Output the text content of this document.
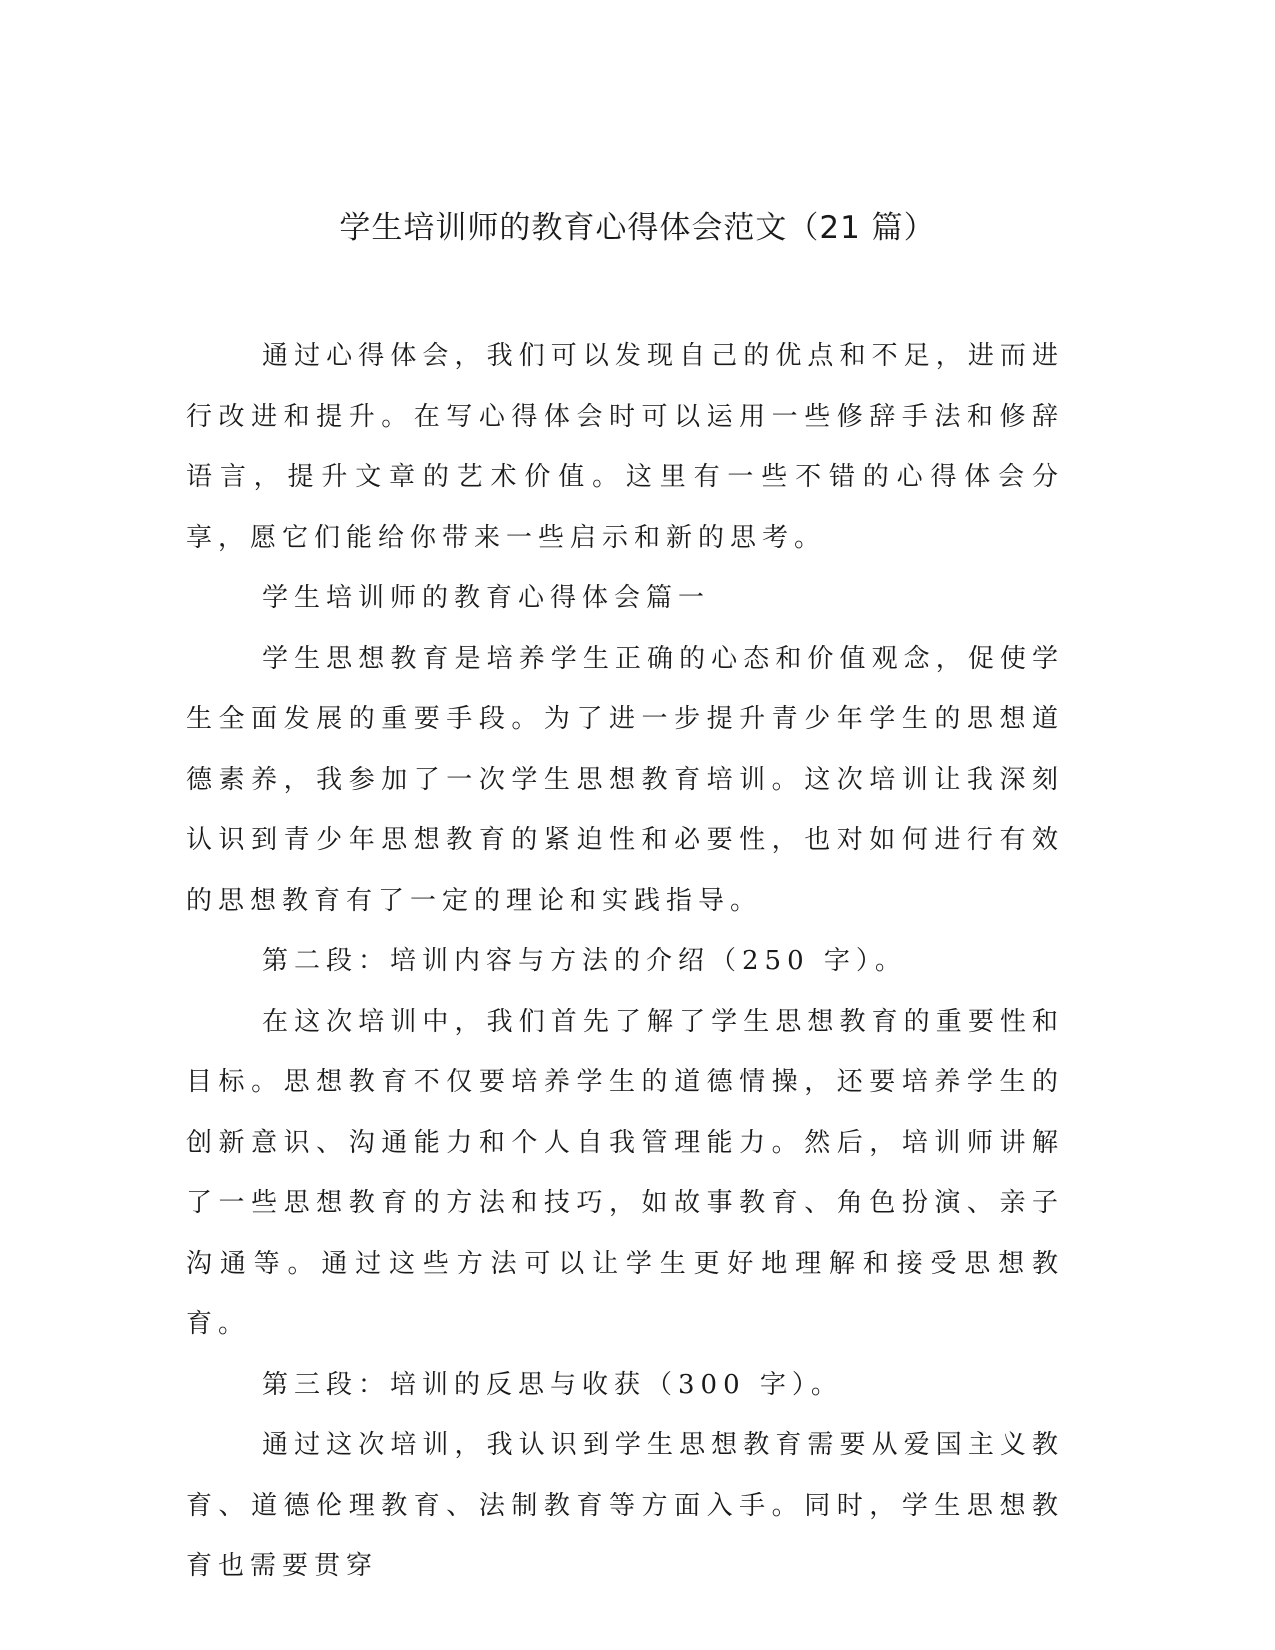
学生培训师的教育心得体会范文（21 篇）

通过心得体会，我们可以发现自己的优点和不足，进而进行改进和提升。在写心得体会时可以运用一些修辞手法和修辞语言，提升文章的艺术价值。这里有一些不错的心得体会分享，愿它们能给你带来一些启示和新的思考。

学生培训师的教育心得体会篇一

学生思想教育是培养学生正确的心态和价值观念，促使学生全面发展的重要手段。为了进一步提升青少年学生的思想道德素养，我参加了一次学生思想教育培训。这次培训让我深刻认识到青少年思想教育的紧迫性和必要性，也对如何进行有效的思想教育有了一定的理论和实践指导。

第二段：培训内容与方法的介绍（250 字）。

在这次培训中，我们首先了解了学生思想教育的重要性和目标。思想教育不仅要培养学生的道德情操，还要培养学生的创新意识、沟通能力和个人自我管理能力。然后，培训师讲解了一些思想教育的方法和技巧，如故事教育、角色扮演、亲子沟通等。通过这些方法可以让学生更好地理解和接受思想教育。

第三段：培训的反思与收获（300 字）。

通过这次培训，我认识到学生思想教育需要从爱国主义教育、道德伦理教育、法制教育等方面入手。同时，学生思想教育也需要贯穿
